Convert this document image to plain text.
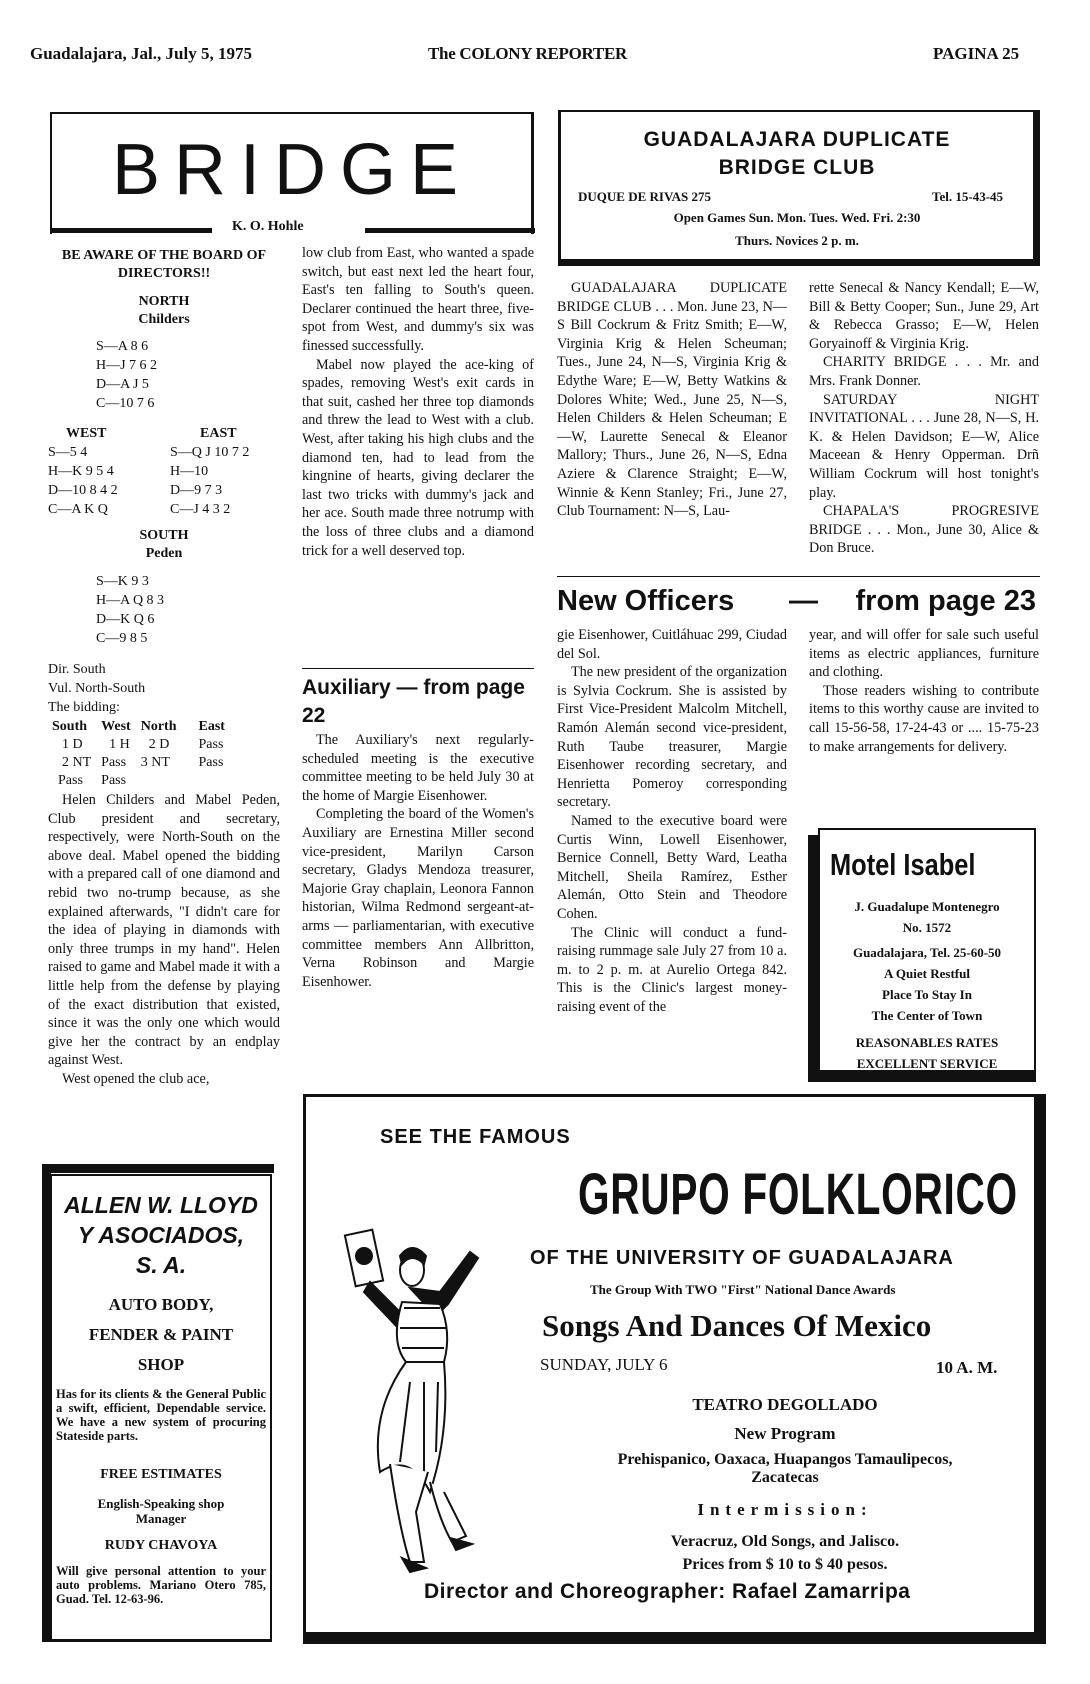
Guadalajara, Jal., July 5, 1975	The COLONY REPORTER	PAGINA 25
BRIDGE
K. O. Hohle
BE AWARE OF THE BOARD OF DIRECTORS!!
NORTH
Childers
S—A 8 6
H—J 7 6 2
D—A J 5
C—10 7 6
WEST
S—5 4
H—K 9 5 4
D—10 8 4 2
C—A K Q
EAST
S—Q J 10 7 2
H—10
D—9 7 3
C—J 4 3 2
SOUTH
Peden
S—K 9 3
H—A Q 8 3
D—K Q 6
C—9 8 5
Dir. South
Vul. North-South
The bidding:
South	West	North	East
1 D	1 H	2 D	Pass
2 NT	Pass	3 NT	Pass
Pass	Pass		

Helen Childers and Mabel Peden, Club president and secretary, respectively, were North-South on the above deal. Mabel opened the bidding with a prepared call of one diamond and rebid two no-trump because, as she explained afterwards, "I didn't care for the idea of playing in diamonds with only three trumps in my hand". Helen raised to game and Mabel made it with a little help from the defense by playing of the exact distribution that existed, since it was the only one which would give her the contract by an endplay against West.

West opened the club ace,

low club from East, who wanted a spade switch, but east next led the heart four, East's ten falling to South's queen. Declarer continued the heart three, five-spot from West, and dummy's six was finessed successfully.

Mabel now played the ace-king of spades, removing West's exit cards in that suit, cashed her three top diamonds and threw the lead to West with a club. West, after taking his high clubs and the diamond ten, had to lead from the kingnine of hearts, giving declarer the last two tricks with dummy's jack and her ace. South made three notrump with the loss of three clubs and a diamond trick for a well deserved top.

Auxiliary — from page 22

The Auxiliary's next regularly-scheduled meeting is the executive committee meeting to be held July 30 at the home of Margie Eisenhower.

Completing the board of the Women's Auxiliary are Ernestina Miller second vice-president, Marilyn Carson secretary, Gladys Mendoza treasurer, Majorie Gray chaplain, Leonora Fannon historian, Wilma Redmond sergeant-at-arms — parliamentarian, with executive committee members Ann Allbritton, Verna Robinson and Margie Eisenhower.

GUADALAJARA DUPLICATE
BRIDGE CLUB
DUQUE DE RIVAS 275	Tel. 15-43-45
Open Games Sun. Mon. Tues. Wed. Fri. 2:30
Thurs. Novices 2 p. m.

GUADALAJARA DUPLICATE BRIDGE CLUB . . . Mon. June 23, N—S Bill Cockrum & Fritz Smith; E—W, Virginia Krig & Helen Scheuman; Tues., June 24, N—S, Virginia Krig & Edythe Ware; E—W, Betty Watkins & Dolores White; Wed., June 25, N—S, Helen Childers & Helen Scheuman; E—W, Laurette Senecal & Eleanor Mallory; Thurs., June 26, N—S, Edna Aziere & Clarence Straight; E—W, Winnie & Kenn Stanley; Fri., June 27, Club Tournament: N—S, Lau-

rette Senecal & Nancy Kendall; E—W, Bill & Betty Cooper; Sun., June 29, Art & Rebecca Grasso; E—W, Helen Goryainoff & Virginia Krig.

CHARITY BRIDGE . . . Mr. and Mrs. Frank Donner.

SATURDAY NIGHT INVITATIONAL . . . June 28, N—S, H. K. & Helen Davidson; E—W, Alice Maceean & Henry Opperman. Drñ William Cockrum will host tonight's play.

CHAPALA'S PROGRESIVE BRIDGE . . . Mon., June 30, Alice & Don Bruce.

New Officers — from page 23

gie Eisenhower, Cuitláhuac 299, Ciudad del Sol.

The new president of the organization is Sylvia Cockrum. She is assisted by First Vice-President Malcolm Mitchell, Ramón Alemán second vice-president, Ruth Taube treasurer, Margie Eisenhower recording secretary, and Henrietta Pomeroy corresponding secretary.

Named to the executive board were Curtis Winn, Lowell Eisenhower, Bernice Connell, Betty Ward, Leatha Mitchell, Sheila Ramírez, Esther Alemán, Otto Stein and Theodore Cohen.

The Clinic will conduct a fund-raising rummage sale July 27 from 10 a. m. to 2 p. m. at Aurelio Ortega 842. This is the Clinic's largest money-raising event of the

year, and will offer for sale such useful items as electric appliances, furniture and clothing.

Those readers wishing to contribute items to this worthy cause are invited to call 15-56-58, 17-24-43 or .... 15-75-23 to make arrangements for delivery.

Motel Isabel
J. Guadalupe Montenegro
No. 1572
Guadalajara, Tel. 25-60-50
A Quiet Restful
Place To Stay In
The Center of Town
REASONABLES RATES
EXCELLENT SERVICE
ALLEN W. LLOYD
Y ASOCIADOS,
S. A.
AUTO BODY,
FENDER & PAINT
SHOP
Has for its clients & the General Public a swift, efficient, Dependable service. We have a new system of procuring Stateside parts.
FREE ESTIMATES
English-Speaking shop
Manager
RUDY CHAVOYA
Will give personal attention to your auto problems. Mariano Otero 785, Guad. Tel. 12-63-96.
SEE THE FAMOUS
GRUPO FOLKLORICO
OF THE UNIVERSITY OF GUADALAJARA
The Group With TWO "First" National Dance Awards
Songs And Dances Of Mexico
SUNDAY, JULY 6	10 A. M.
TEATRO DEGOLLADO
New Program
Prehispanico, Oaxaca, Huapangos Tamaulipecos,
Zacatecas
Intermission:
Veracruz, Old Songs, and Jalisco.
Prices from $ 10 to $ 40 pesos.
Director and Choreographer: Rafael Zamarripa
